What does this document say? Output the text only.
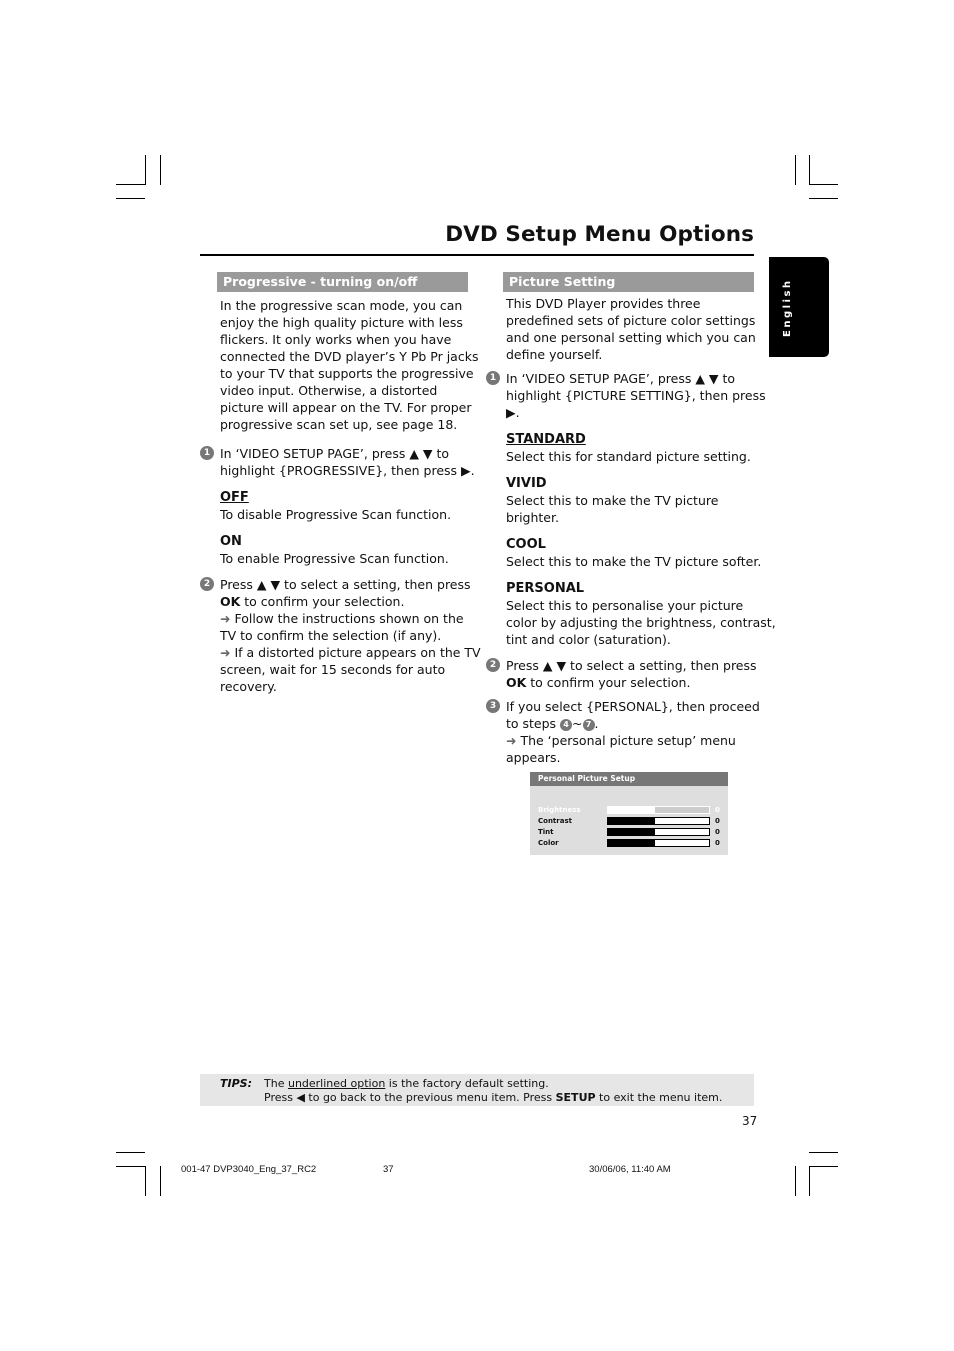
DVD Setup Menu Options
English
Progressive - turning on/off
In the progressive scan mode, you can
enjoy the high quality picture with less
flickers. It only works when you have
connected the DVD player’s Y Pb Pr jacks
to your TV that supports the progressive
video input. Otherwise, a distorted
picture will appear on the TV. For proper
progressive scan set up, see page 18.
1 In ‘VIDEO SETUP PAGE’, press ▲ ▼ to
highlight {PROGRESSIVE}, then press ▶.
OFF
To disable Progressive Scan function.
ON
To enable Progressive Scan function.
2 Press ▲ ▼ to select a setting, then press
OK to confirm your selection.
➜ Follow the instructions shown on the
TV to confirm the selection (if any).
➜ If a distorted picture appears on the TV
screen, wait for 15 seconds for auto
recovery.
Picture Setting
This DVD Player provides three
predefined sets of picture color settings
and one personal setting which you can
define yourself.
1 In ‘VIDEO SETUP PAGE’, press ▲ ▼ to
highlight {PICTURE SETTING}, then press
▶.
STANDARD
Select this for standard picture setting.
VIVID
Select this to make the TV picture
brighter.
COOL
Select this to make the TV picture softer.
PERSONAL
Select this to personalise your picture
color by adjusting the brightness, contrast,
tint and color (saturation).
2 Press ▲ ▼ to select a setting, then press
OK to confirm your selection.
3 If you select {PERSONAL}, then proceed
to steps 4 ~ 7 .
➜ The ‘personal picture setup’ menu
appears.
Personal Picture Setup
Brightness	0
Contrast	0
Tint	0
Color	0
TIPS: The underlined option is the factory default setting.
Press ◀ to go back to the previous menu item. Press SETUP to exit the menu item.
37
001-47 DVP3040_Eng_37_RC2	37	30/06/06, 11:40 AM
